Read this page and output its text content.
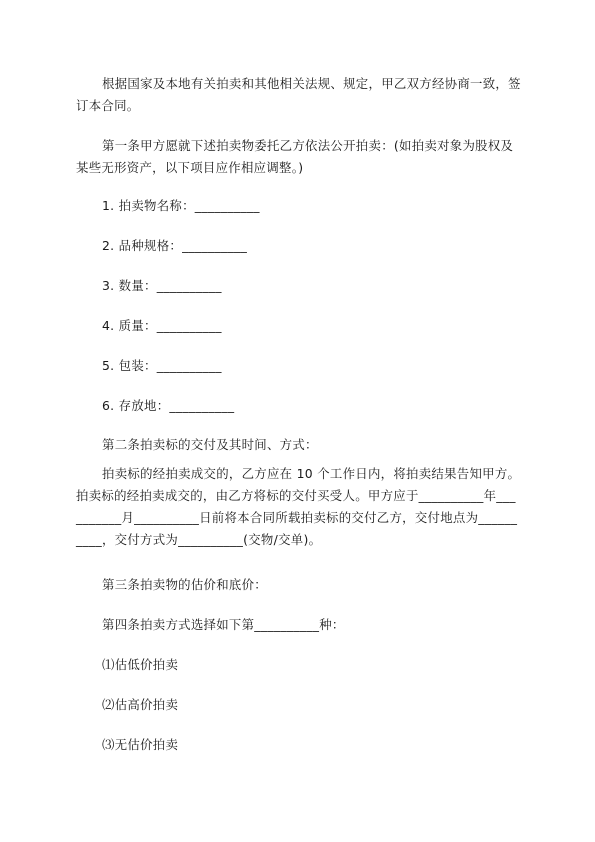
根据国家及本地有关拍卖和其他相关法规、规定，甲乙双方经协商一致，签订本合同。

第一条甲方愿就下述拍卖物委托乙方依法公开拍卖：(如拍卖对象为股权及某些无形资产，以下项目应作相应调整。)

1. 拍卖物名称：__________

2. 品种规格：__________

3. 数量：__________

4. 质量：__________

5. 包装：__________

6. 存放地：__________

第二条拍卖标的交付及其时间、方式：

拍卖标的经拍卖成交的，乙方应在 10 个工作日内，将拍卖结果告知甲方。拍卖标的经拍卖成交的，由乙方将标的交付买受人。甲方应于__________年__________月__________日前将本合同所载拍卖标的交付乙方，交付地点为__________，交付方式为__________(交物/交单)。

第三条拍卖物的估价和底价：

第四条拍卖方式选择如下第__________种：

⑴估低价拍卖

⑵估高价拍卖

⑶无估价拍卖
